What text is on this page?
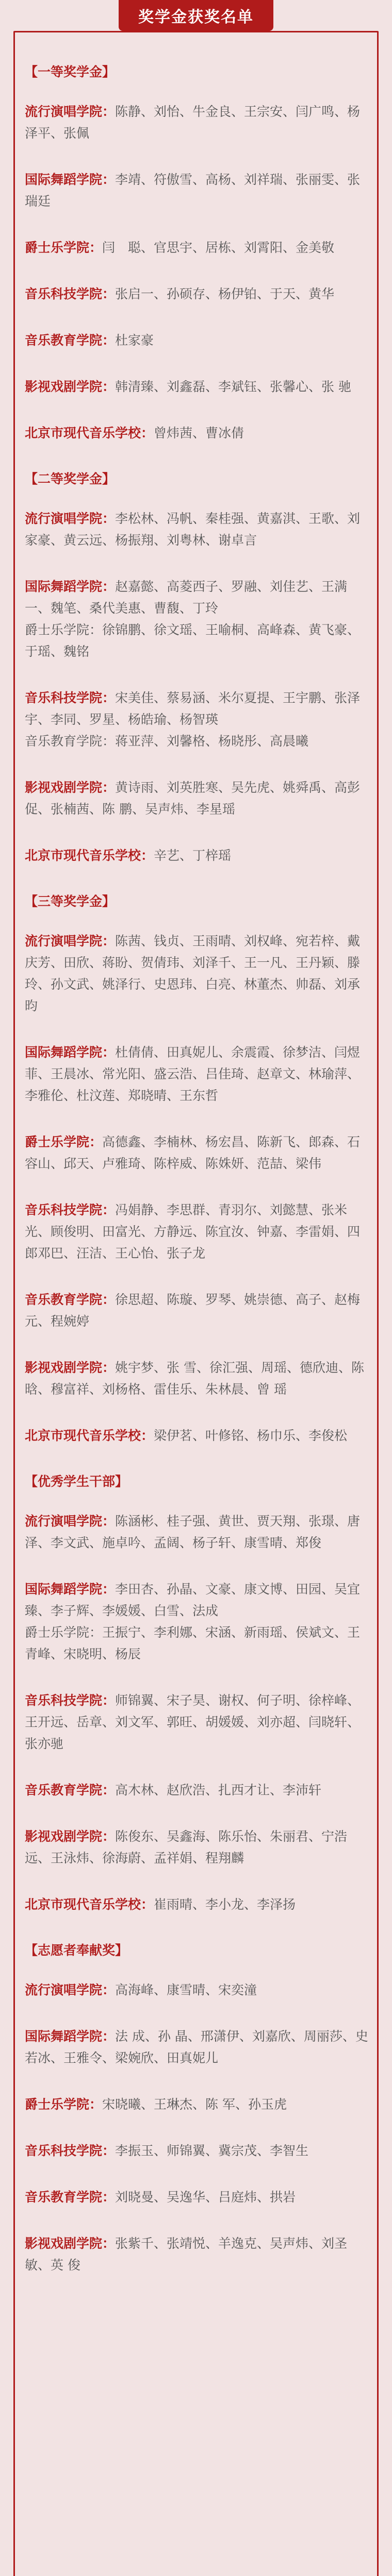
奖学金获奖名单
【一等奖学金】
流行演唱学院：陈静、刘怡、牛金良、王宗安、闫广鸣、杨泽平、张佩
国际舞蹈学院：李靖、符傲雪、高杨、刘祥瑞、张丽雯、张瑞廷
爵士乐学院：闫　聪、官思宇、居栋、刘霄阳、金美敬
音乐科技学院：张启一、孙硕存、杨伊铂、于天、黄华
音乐教育学院：杜家豪
影视戏剧学院：韩清臻、刘鑫磊、李斌钰、张馨心、张 驰
北京市现代音乐学校：曾炜茜、曹冰倩
【二等奖学金】
流行演唱学院：李松林、冯帆、秦桂强、黄嘉淇、王歌、刘家豪、黄云远、杨振翔、刘粤林、谢卓言
国际舞蹈学院：赵嘉懿、高菱西子、罗融、刘佳艺、王满一、魏笔、桑代美惠、曹馥、丁玲
爵士乐学院：徐锦鹏、徐文瑶、王喻桐、高峰森、黄飞豪、于瑶、魏铭
音乐科技学院：宋美佳、蔡易涵、米尔夏提、王宇鹏、张泽宇、李同、罗星、杨皓瑜、杨智瑛
音乐教育学院：蒋亚萍、刘馨格、杨晓彤、高晨曦
影视戏剧学院：黄诗雨、刘英胜寒、吴先虎、姚舜禹、高彭促、张楠茜、陈 鹏、吴声炜、李星瑶
北京市现代音乐学校：辛艺、丁梓瑶
【三等奖学金】
流行演唱学院：陈茜、钱贞、王雨晴、刘权峰、宛若梓、戴庆芳、田欣、蒋盼、贺倩玮、刘泽千、王一凡、王丹颖、滕玲、孙文武、姚泽行、史恩玮、白亮、林董杰、帅磊、刘承昀
国际舞蹈学院：杜倩倩、田真妮儿、余震霞、徐梦洁、闫煜菲、王晨冰、常光阳、盛云浩、吕佳琦、赵章文、林瑜萍、李雅伦、杜汶莲、郑晓晴、王东哲
爵士乐学院：高德鑫、李楠林、杨宏昌、陈新飞、郎森、石容山、邱天、卢雅琦、陈梓威、陈姝妍、范喆、梁伟
音乐科技学院：冯娟静、李思群、青羽尔、刘懿慧、张米光、顾俊明、田富光、方静远、陈宜汝、钟嘉、李雷娟、四郎邓巴、汪洁、王心怡、张子龙
音乐教育学院：徐思超、陈璇、罗琴、姚崇德、高子、赵梅元、程婉婷
影视戏剧学院：姚宇梦、张 雪、徐汇强、周瑶、德欣迪、陈 晗、穆富祥、刘杨格、雷佳乐、朱林晨、曾 瑶
北京市现代音乐学校：梁伊茗、叶修铭、杨巾乐、李俊松
【优秀学生干部】
流行演唱学院：陈涵彬、桂子强、黄世、贾天翔、张璟、唐泽、李文武、施卓吟、孟阔、杨子轩、康雪晴、郑俊
国际舞蹈学院：李田杏、孙晶、文豪、康文博、田园、吴宜臻、李子辉、李媛媛、白雪、法成
爵士乐学院：王振宁、李利娜、宋涵、新雨瑶、侯斌文、王青峰、宋晓明、杨辰
音乐科技学院：师锦翼、宋子昊、谢权、何子明、徐梓峰、王开远、岳章、刘文军、郭旺、胡媛媛、刘亦超、闫晓轩、张亦驰
音乐教育学院：高木林、赵欣浩、扎西才让、李沛轩
影视戏剧学院：陈俊东、吴鑫海、陈乐怡、朱丽君、宁浩远、王泳炜、徐海蔚、孟祥娟、程翔麟
北京市现代音乐学校：崔雨晴、李小龙、李泽扬
【志愿者奉献奖】
流行演唱学院：高海峰、康雪晴、宋奕潼
国际舞蹈学院：法 成、孙 晶、邢潇伊、刘嘉欣、周丽莎、史若冰、王雅令、梁婉欣、田真妮儿
爵士乐学院：宋晓曦、王琳杰、陈 军、孙玉虎
音乐科技学院：李振玉、师锦翼、冀宗茂、李智生
音乐教育学院：刘晓曼、吴逸华、吕庭炜、拱岩
影视戏剧学院：张紫千、张靖悦、羊逸克、吴声炜、刘圣敏、英 俊
